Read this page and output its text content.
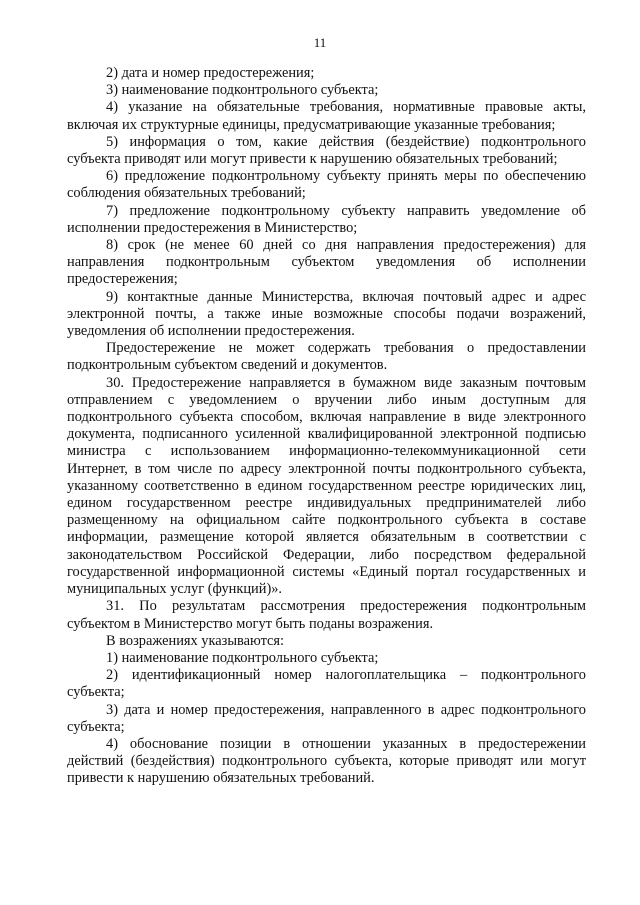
11

2) дата и номер предостережения;

3) наименование подконтрольного субъекта;

4) указание на обязательные требования, нормативные правовые акты, включая их структурные единицы, предусматривающие указанные требования;

5) информация о том, какие действия (бездействие) подконтрольного субъекта приводят или могут привести к нарушению обязательных требований;

6) предложение подконтрольному субъекту принять меры по обеспечению соблюдения обязательных требований;

7) предложение подконтрольному субъекту направить уведомление об исполнении предостережения в Министерство;

8) срок (не менее 60 дней со дня направления предостережения) для направления подконтрольным субъектом уведомления об исполнении предостережения;

9) контактные данные Министерства, включая почтовый адрес и адрес электронной почты, а также иные возможные способы подачи возражений, уведомления об исполнении предостережения.

Предостережение не может содержать требования о предоставлении подконтрольным субъектом сведений и документов.

30. Предостережение направляется в бумажном виде заказным почтовым отправлением с уведомлением о вручении либо иным доступным для подконтрольного субъекта способом, включая направление в виде электронного документа, подписанного усиленной квалифицированной электронной подписью министра с использованием информационно-телекоммуникационной сети Интернет, в том числе по адресу электронной почты подконтрольного субъекта, указанному соответственно в едином государственном реестре юридических лиц, едином государственном реестре индивидуальных предпринимателей либо размещенному на официальном сайте подконтрольного субъекта в составе информации, размещение которой является обязательным в соответствии с законодательством Российской Федерации, либо посредством федеральной государственной информационной системы «Единый портал государственных и муниципальных услуг (функций)».

31. По результатам рассмотрения предостережения подконтрольным субъектом в Министерство могут быть поданы возражения.

В возражениях указываются:

1) наименование подконтрольного субъекта;

2) идентификационный номер налогоплательщика – подконтрольного субъекта;

3) дата и номер предостережения, направленного в адрес подконтрольного субъекта;

4) обоснование позиции в отношении указанных в предостережении действий (бездействия) подконтрольного субъекта, которые приводят или могут привести к нарушению обязательных требований.
